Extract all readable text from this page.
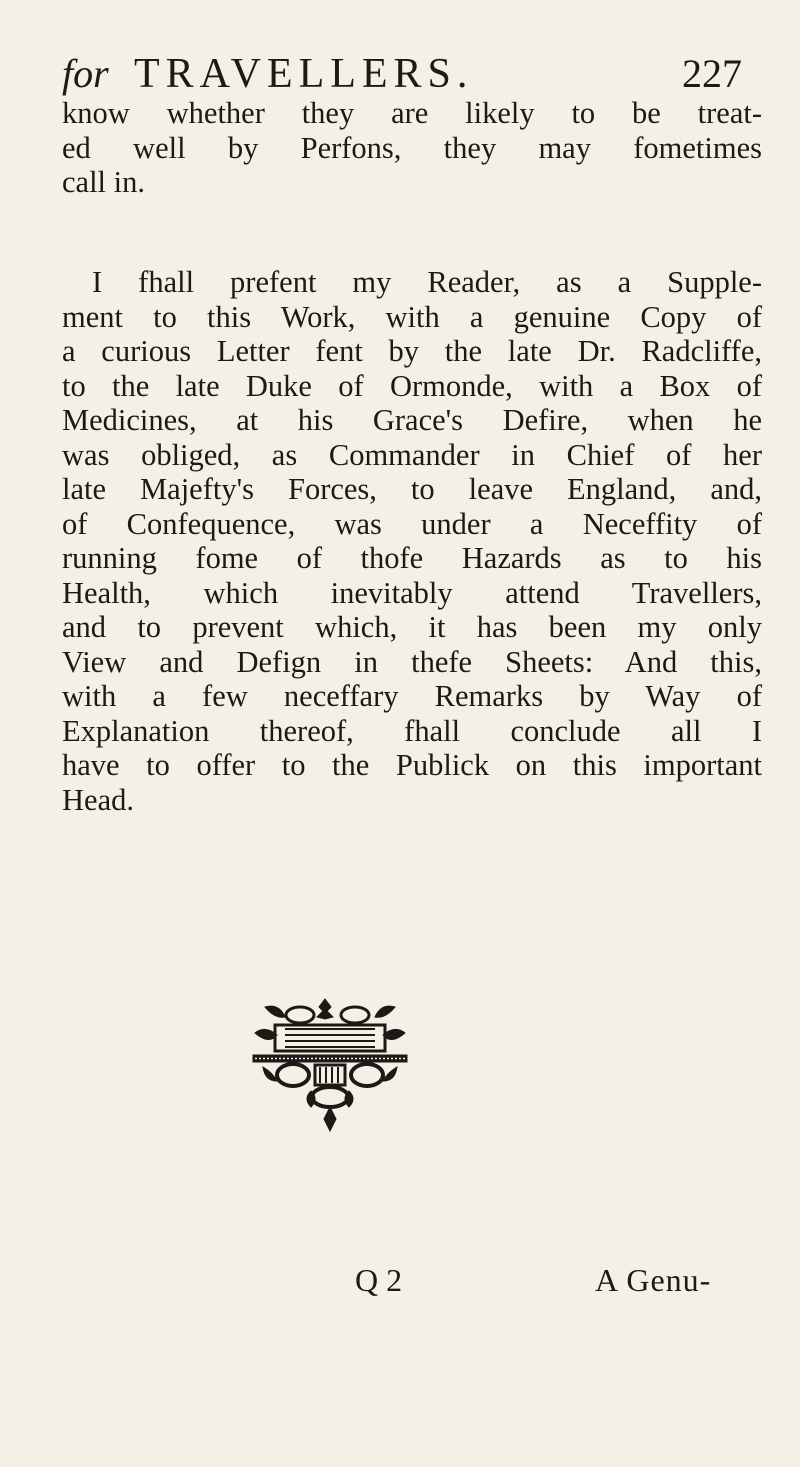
for TRAVELLERS.	227
know whether they are likely to be treat-
ed well by Perfons, they may fometimes
call in.
I fhall prefent my Reader, as a Supple-
ment to this Work, with a genuine Copy of
a curious Letter fent by the late Dr. Radcliffe,
to the late Duke of Ormonde, with a Box of
Medicines, at his Grace's Defire, when he
was obliged, as Commander in Chief of her
late Majefty's Forces, to leave England, and,
of Confequence, was under a Neceffity of
running fome of thofe Hazards as to his
Health, which inevitably attend Travellers,
and to prevent which, it has been my only
View and Defign in thefe Sheets: And this,
with a few neceffary Remarks by Way of
Explanation thereof, fhall conclude all I
have to offer to the Publick on this important
Head.
Q 2	A Genu-
